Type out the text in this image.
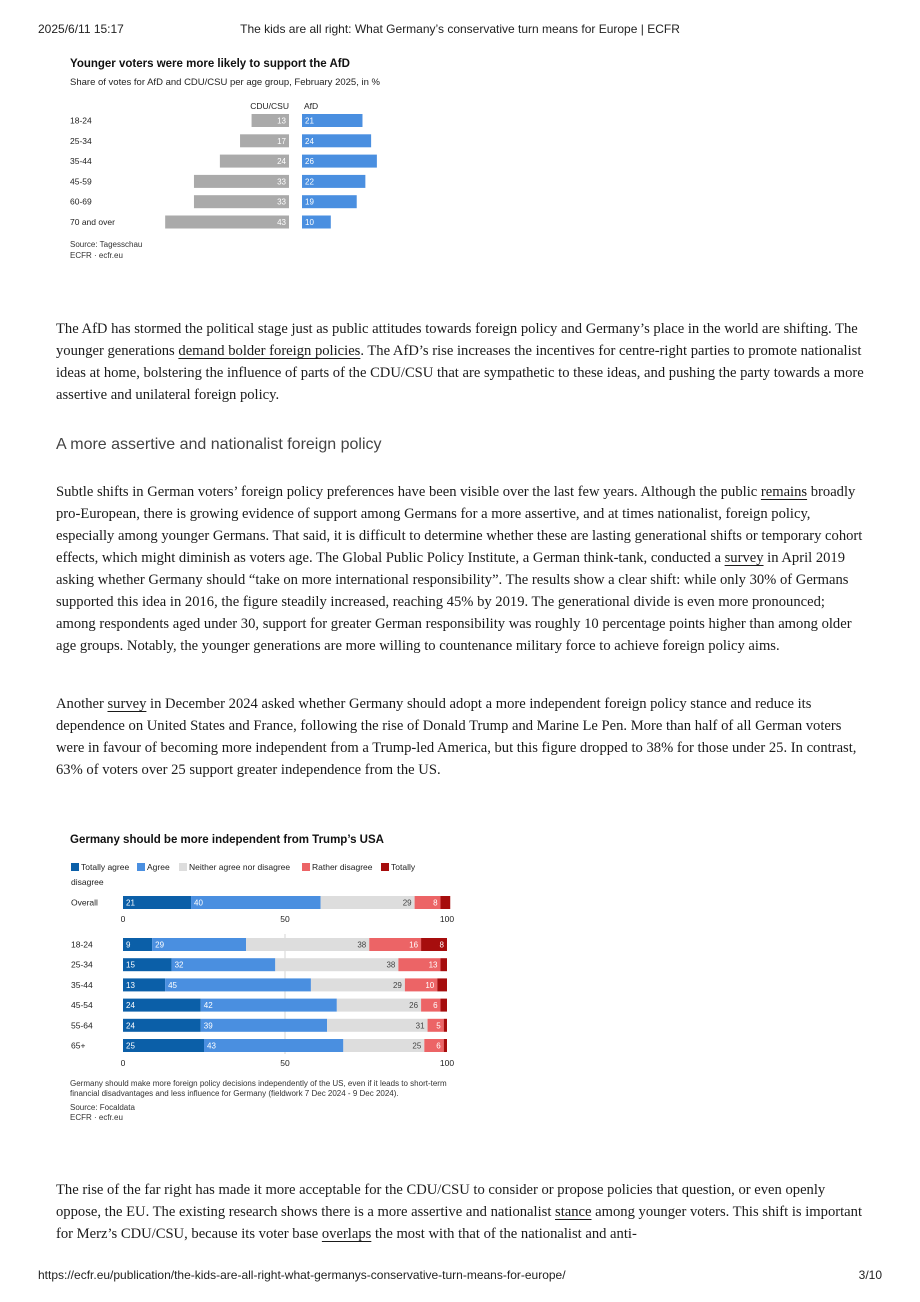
2025/6/11 15:17	The kids are all right: What Germany’s conservative turn means for Europe | ECFR
Younger voters were more likely to support the AfD
Share of votes for AfD and CDU/CSU per age group, February 2025, in %
CDU/CSU AfD
18-24	13 21
25-34	17 24
35-44	24 26
45-59	33 22
60-69	33 19
70 and over	43 10
Source: Tagesschau
ECFR · ecfr.eu

The AfD has stormed the political stage just as public attitudes towards foreign policy and Germany’s place in the world are shifting. The younger generations demand bolder foreign policies. The AfD’s rise increases the incentives for centre-right parties to promote nationalist ideas at home, bolstering the influence of parts of the CDU/CSU that are sympathetic to these ideas, and pushing the party towards a more assertive and unilateral foreign policy.

A more assertive and nationalist foreign policy

Subtle shifts in German voters’ foreign policy preferences have been visible over the last few years. Although the public remains broadly pro-European, there is growing evidence of support among Germans for a more assertive, and at times nationalist, foreign policy, especially among younger Germans. That said, it is difficult to determine whether these are lasting generational shifts or temporary cohort effects, which might diminish as voters age. The Global Public Policy Institute, a German think-tank, conducted a survey in April 2019 asking whether Germany should “take on more international responsibility”. The results show a clear shift: while only 30% of Germans supported this idea in 2016, the figure steadily increased, reaching 45% by 2019. The generational divide is even more pronounced; among respondents aged under 30, support for greater German responsibility was roughly 10 percentage points higher than among older age groups. Notably, the younger generations are more willing to countenance military force to achieve foreign policy aims.

Another survey in December 2024 asked whether Germany should adopt a more independent foreign policy stance and reduce its dependence on United States and France, following the rise of Donald Trump and Marine Le Pen. More than half of all German voters were in favour of becoming more independent from a Trump-led America, but this figure dropped to 38% for those under 25. In contrast, 63% of voters over 25 support greater independence from the US.

Germany should be more independent from Trump’s USA
Totally agree Agree Neither agree nor disagree	Rather disagree Totally
disagree
Overall	21	40	29	8
0	50	100
18-24	9	29	38	16	8
25-34	15	32	38	13
35-44	13	45	29	10
45-54	24	42	26 6
55-64	24	39	31 5
65+	25	43	25 6
0	50	100
Germany should make more foreign policy decisions independently of the US, even if it leads to short-term
financial disadvantages and less influence for Germany (fieldwork 7 Dec 2024 - 9 Dec 2024).
Source: Focaldata
ECFR · ecfr.eu

The rise of the far right has made it more acceptable for the CDU/CSU to consider or propose policies that question, or even openly oppose, the EU. The existing research shows there is a more assertive and nationalist stance among younger voters. This shift is important for Merz’s CDU/CSU, because its voter base overlaps the most with that of the nationalist and anti-

https://ecfr.eu/publication/the-kids-are-all-right-what-germanys-conservative-turn-means-for-europe/	3/10
